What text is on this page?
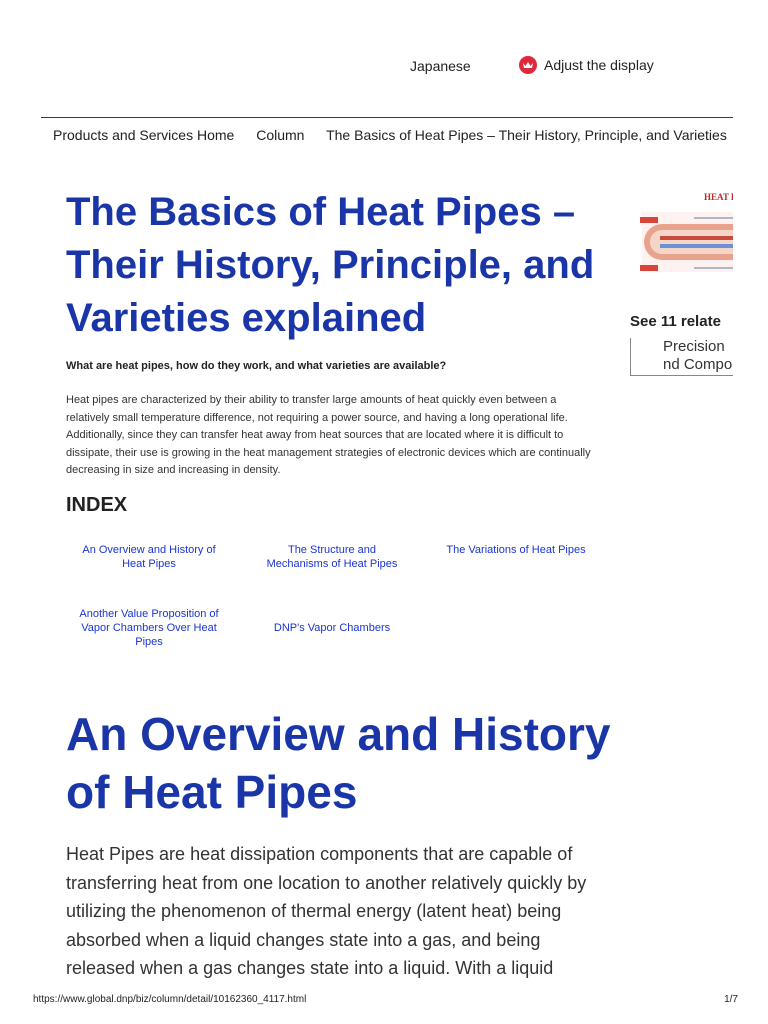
Japanese	Adjust the display
Products and Services Home Column The Basics of Heat Pipes – Their History, Principle, and Varieties
The Basics of Heat Pipes – Their History, Principle, and Varieties explained

What are heat pipes, how do they work, and what varieties are available?

Heat pipes are characterized by their ability to transfer large amounts of heat quickly even between a relatively small temperature difference, not requiring a power source, and having a long operational life. Additionally, since they can transfer heat away from heat sources that are located where it is difficult to dissipate, their use is growing in the heat management strategies of electronic devices which are continually decreasing in size and increasing in density.

INDEX
An Overview and History of Heat Pipes
The Structure and Mechanisms of Heat Pipes
The Variations of Heat Pipes
Another Value Proposition of Vapor Chambers Over Heat Pipes
DNP's Vapor Chambers
An Overview and History of Heat Pipes

Heat Pipes are heat dissipation components that are capable of transferring heat from one location to another relatively quickly by utilizing the phenomenon of thermal energy (latent heat) being absorbed when a liquid changes state into a gas, and being released when a gas changes state into a liquid. With a liquid

HEAT P
See 11 relate
Precision
nd Compo
https://www.global.dnp/biz/column/detail/10162360_4117.html	1/7
